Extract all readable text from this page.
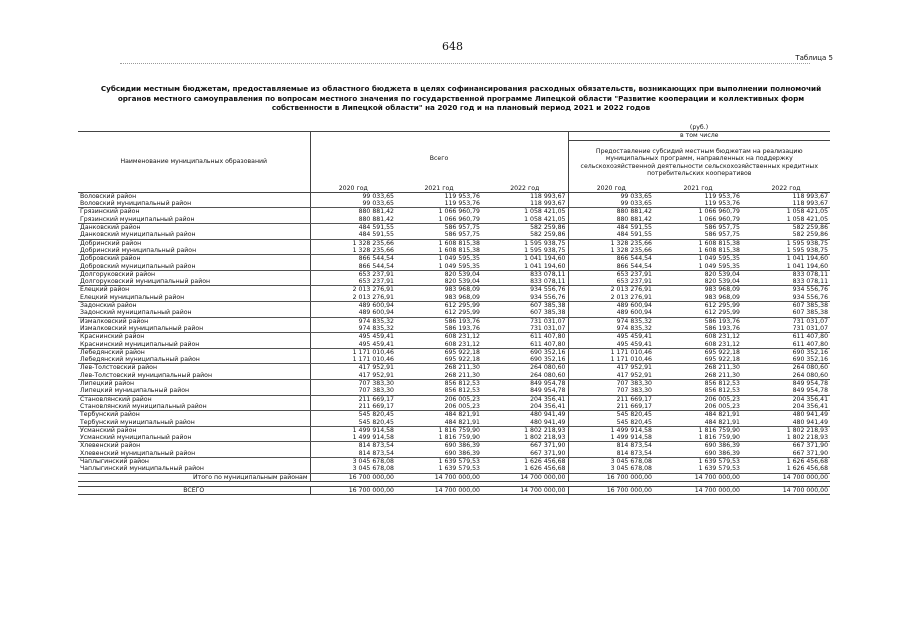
648
Таблица 5
Субсидии местным бюджетам, предоставляемые из областного бюджета в целях софинансирования расходных обязательств, возникающих при выполнении полномочий органов местного самоуправления по вопросам местного значения по государственной программе Липецкой области "Развитие кооперации и коллективных форм собственности в Липецкой области" на 2020 год и на плановый период 2021 и 2022 годов
				(руб.)		
Наименование муниципальных образований	Всего			в том числе		
				Предоставление субсидий местным бюджетам на реализацию муниципальных программ, направленных на поддержку сельскохозяйственной деятельности сельскохозяйственных кредитных потребительских кооперативов		
	2020 год	2021 год	2022 год	2020 год	2021 год	2022 год
Воловский район	99 033,65	119 953,76	118 993,67	99 033,65	119 953,76	118 993,67
Воловский муниципальный район	99 033,65	119 953,76	118 993,67	99 033,65	119 953,76	118 993,67
Грязинский район	880 881,42	1 066 960,79	1 058 421,05	880 881,42	1 066 960,79	1 058 421,05
Грязинский муниципальный район	880 881,42	1 066 960,79	1 058 421,05	880 881,42	1 066 960,79	1 058 421,05
Данковский район	484 591,55	586 957,75	582 259,86	484 591,55	586 957,75	582 259,86
Данковский муниципальный район	484 591,55	586 957,75	582 259,86	484 591,55	586 957,75	582 259,86
Добринский район	1 328 235,66	1 608 815,38	1 595 938,75	1 328 235,66	1 608 815,38	1 595 938,75
Добринский муниципальный район	1 328 235,66	1 608 815,38	1 595 938,75	1 328 235,66	1 608 815,38	1 595 938,75
Добровский район	866 544,54	1 049 595,35	1 041 194,60	866 544,54	1 049 595,35	1 041 194,60
Добровский муниципальный район	866 544,54	1 049 595,35	1 041 194,60	866 544,54	1 049 595,35	1 041 194,60
Долгоруковский район	653 237,91	820 539,04	833 078,11	653 237,91	820 539,04	833 078,11
Долгоруковский муниципальный район	653 237,91	820 539,04	833 078,11	653 237,91	820 539,04	833 078,11
Елецкий район	2 013 276,91	983 968,09	934 556,76	2 013 276,91	983 968,09	934 556,76
Елецкий муниципальный район	2 013 276,91	983 968,09	934 556,76	2 013 276,91	983 968,09	934 556,76
Задонский район	489 600,94	612 295,99	607 385,38	489 600,94	612 295,99	607 385,38
Задонский муниципальный район	489 600,94	612 295,99	607 385,38	489 600,94	612 295,99	607 385,38
Измалковский район	974 835,32	586 193,76	731 031,07	974 835,32	586 193,76	731 031,07
Измалковский муниципальный район	974 835,32	586 193,76	731 031,07	974 835,32	586 193,76	731 031,07
Краснинский район	495 459,41	608 231,12	611 407,80	495 459,41	608 231,12	611 407,80
Краснинский муниципальный район	495 459,41	608 231,12	611 407,80	495 459,41	608 231,12	611 407,80
Лебедянский район	1 171 010,46	695 922,18	690 352,16	1 171 010,46	695 922,18	690 352,16
Лебедянский муниципальный район	1 171 010,46	695 922,18	690 352,16	1 171 010,46	695 922,18	690 352,16
Лев-Толстовский район	417 952,91	268 211,30	264 080,60	417 952,91	268 211,30	264 080,60
Лев-Толстовский муниципальный район	417 952,91	268 211,30	264 080,60	417 952,91	268 211,30	264 080,60
Липецкий район	707 383,30	856 812,53	849 954,78	707 383,30	856 812,53	849 954,78
Липецкий муниципальный район	707 383,30	856 812,53	849 954,78	707 383,30	856 812,53	849 954,78
Становлянский район	211 669,17	206 005,23	204 356,41	211 669,17	206 005,23	204 356,41
Становлянский муниципальный район	211 669,17	206 005,23	204 356,41	211 669,17	206 005,23	204 356,41
Тербунский район	545 820,45	484 821,91	480 941,49	545 820,45	484 821,91	480 941,49
Тербунский муниципальный район	545 820,45	484 821,91	480 941,49	545 820,45	484 821,91	480 941,49
Усманский район	1 499 914,58	1 816 759,90	1 802 218,93	1 499 914,58	1 816 759,90	1 802 218,93
Усманский муниципальный район	1 499 914,58	1 816 759,90	1 802 218,93	1 499 914,58	1 816 759,90	1 802 218,93
Хлевенский район	814 873,54	690 386,39	667 371,90	814 873,54	690 386,39	667 371,90
Хлевенский муниципальный район	814 873,54	690 386,39	667 371,90	814 873,54	690 386,39	667 371,90
Чаплыгинский район	3 045 678,08	1 639 579,53	1 626 456,68	3 045 678,08	1 639 579,53	1 626 456,68
Чаплыгинский муниципальный район	3 045 678,08	1 639 579,53	1 626 456,68	3 045 678,08	1 639 579,53	1 626 456,68
Итого по муниципальным районам	16 700 000,00	14 700 000,00	14 700 000,00	16 700 000,00	14 700 000,00	14 700 000,00

ВСЕГО	16 700 000,00	14 700 000,00	14 700 000,00	16 700 000,00	14 700 000,00	14 700 000,00
